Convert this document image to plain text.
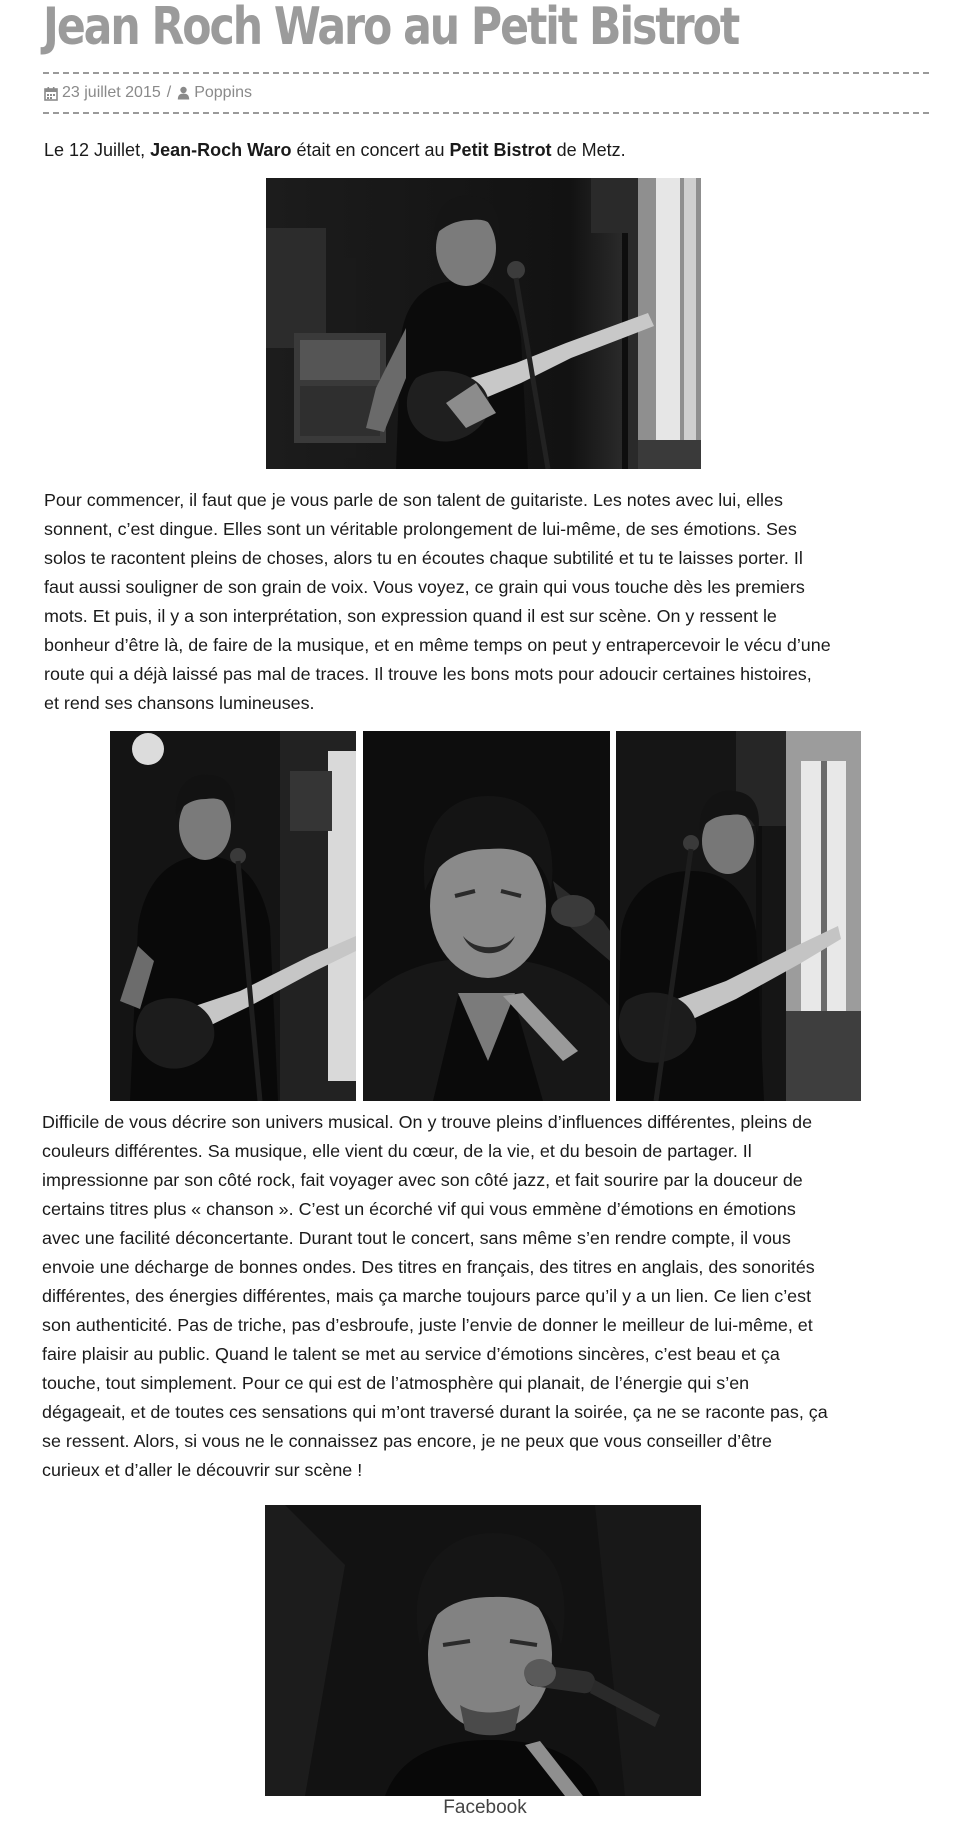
Jean Roch Waro au Petit Bistrot
23 juillet 2015 / Poppins

Le 12 Juillet, Jean-Roch Waro était en concert au Petit Bistrot de Metz.

Pour commencer, il faut que je vous parle de son talent de guitariste. Les notes avec lui, elles
sonnent, c’est dingue. Elles sont un véritable prolongement de lui-même, de ses émotions. Ses
solos te racontent pleins de choses, alors tu en écoutes chaque subtilité et tu te laisses porter. Il
faut aussi souligner de son grain de voix. Vous voyez, ce grain qui vous touche dès les premiers
mots. Et puis, il y a son interprétation, son expression quand il est sur scène. On y ressent le
bonheur d’être là, de faire de la musique, et en même temps on peut y entrapercevoir le vécu d’une
route qui a déjà laissé pas mal de traces. Il trouve les bons mots pour adoucir certaines histoires,
et rend ses chansons lumineuses.

Difficile de vous décrire son univers musical. On y trouve pleins d’influences différentes, pleins de
couleurs différentes. Sa musique, elle vient du cœur, de la vie, et du besoin de partager. Il
impressionne par son côté rock, fait voyager avec son côté jazz, et fait sourire par la douceur de
certains titres plus « chanson ». C’est un écorché vif qui vous emmène d’émotions en émotions
avec une facilité déconcertante. Durant tout le concert, sans même s’en rendre compte, il vous
envoie une décharge de bonnes ondes. Des titres en français, des titres en anglais, des sonorités
différentes, des énergies différentes, mais ça marche toujours parce qu’il y a un lien. Ce lien c’est
son authenticité. Pas de triche, pas d’esbroufe, juste l’envie de donner le meilleur de lui-même, et
faire plaisir au public. Quand le talent se met au service d’émotions sincères, c’est beau et ça
touche, tout simplement. Pour ce qui est de l’atmosphère qui planait, de l’énergie qui s’en
dégageait, et de toutes ces sensations qui m’ont traversé durant la soirée, ça ne se raconte pas, ça
se ressent. Alors, si vous ne le connaissez pas encore, je ne peux que vous conseiller d’être
curieux et d’aller le découvrir sur scène !

Facebook
